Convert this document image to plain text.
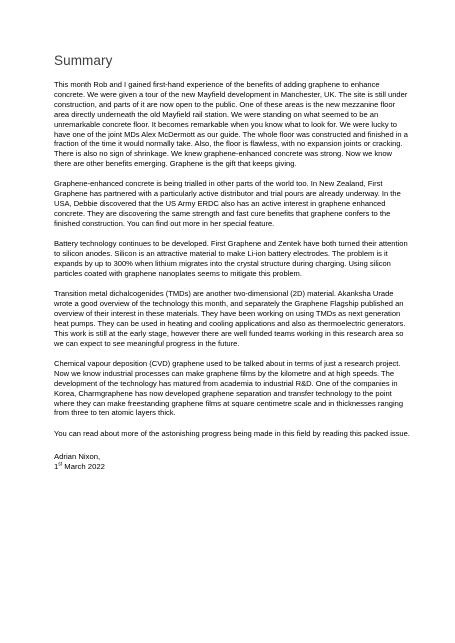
Summary

This month Rob and I gained first-hand experience of the benefits of adding graphene to enhance concrete. We were given a tour of the new Mayfield development in Manchester, UK. The site is still under construction, and parts of it are now open to the public. One of these areas is the new mezzanine floor area directly underneath the old Mayfield rail station. We were standing on what seemed to be an unremarkable concrete floor. It becomes remarkable when you know what to look for. We were lucky to have one of the joint MDs Alex McDermott as our guide. The whole floor was constructed and finished in a fraction of the time it would normally take. Also, the floor is flawless, with no expansion joints or cracking. There is also no sign of shrinkage. We knew graphene-enhanced concrete was strong. Now we know there are other benefits emerging. Graphene is the gift that keeps giving.

Graphene-enhanced concrete is being trialled in other parts of the world too. In New Zealand, First Graphene has partnered with a particularly active distributor and trial pours are already underway. In the USA, Debbie discovered that the US Army ERDC also has an active interest in graphene enhanced concrete. They are discovering the same strength and fast cure benefits that graphene confers to the finished construction. You can find out more in her special feature.

Battery technology continues to be developed. First Graphene and Zentek have both turned their attention to silicon anodes. Silicon is an attractive material to make Li-ion battery electrodes. The problem is it expands by up to 300% when lithium migrates into the crystal structure during charging. Using silicon particles coated with graphene nanoplates seems to mitigate this problem.

Transition metal dichalcogenides (TMDs) are another two-dimensional (2D) material. Akanksha Urade wrote a good overview of the technology this month, and separately the Graphene Flagship published an overview of their interest in these materials. They have been working on using TMDs as next generation heat pumps. They can be used in heating and cooling applications and also as thermoelectric generators. This work is still at the early stage, however there are well funded teams working in this research area so we can expect to see meaningful progress in the future.

Chemical vapour deposition (CVD) graphene used to be talked about in terms of just a research project. Now we know industrial processes can make graphene films by the kilometre and at high speeds. The development of the technology has matured from academia to industrial R&D. One of the companies in Korea, Charmgraphene has now developed graphene separation and transfer technology to the point where they can make freestanding graphene films at square centimetre scale and in thicknesses ranging from three to ten atomic layers thick.

You can read about more of the astonishing progress being made in this field by reading this packed issue.

Adrian Nixon,
1st March 2022
